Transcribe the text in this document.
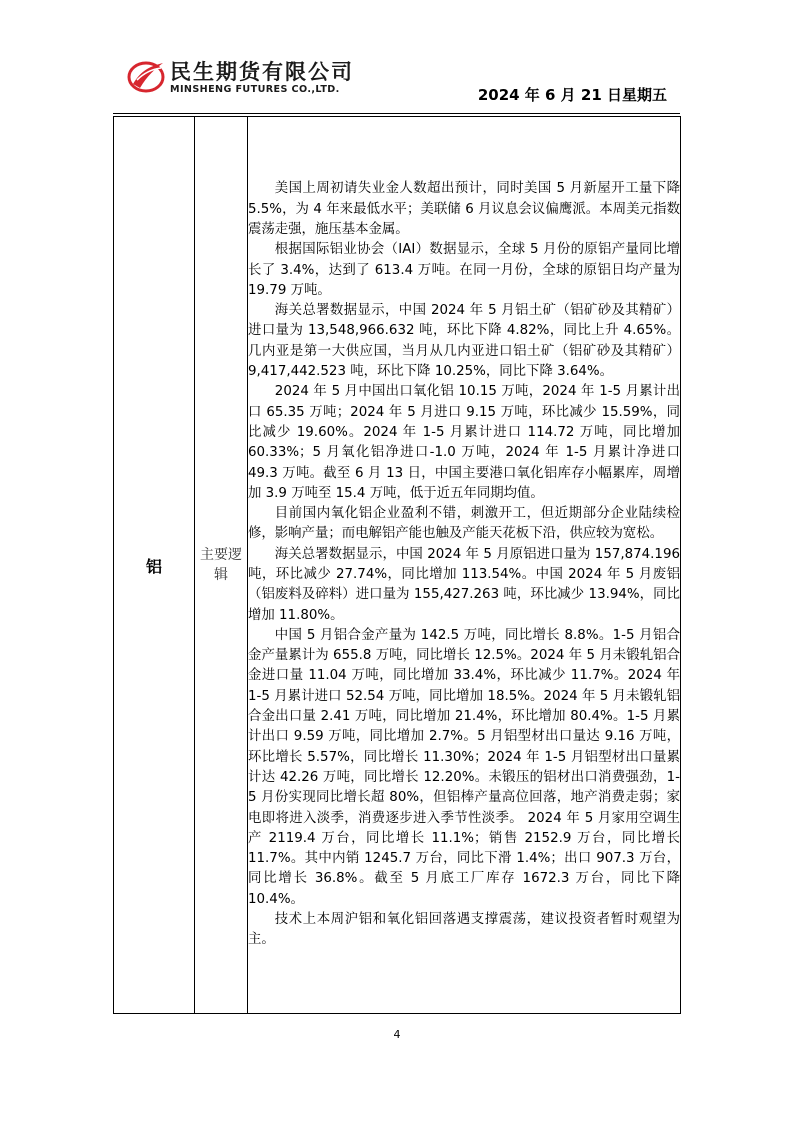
民生期货有限公司
MINSHENG FUTURES CO.,LTD.	2024 年 6 月 21 日星期五
铝	主要逻辑	

美国上周初请失业金人数超出预计，同时美国 5 月新屋开工量下降 5.5%，为 4 年来最低水平；美联储 6 月议息会议偏鹰派。本周美元指数震荡走强，施压基本金属。

根据国际铝业协会（IAI）数据显示，全球 5 月份的原铝产量同比增长了 3.4%，达到了 613.4 万吨。在同一月份，全球的原铝日均产量为 19.79 万吨。

海关总署数据显示，中国 2024 年 5 月铝土矿（铝矿砂及其精矿）进口量为 13,548,966.632 吨，环比下降 4.82%，同比上升 4.65%。几内亚是第一大供应国，当月从几内亚进口铝土矿（铝矿砂及其精矿）9,417,442.523 吨，环比下降 10.25%，同比下降 3.64%。

2024 年 5 月中国出口氧化铝 10.15 万吨，2024 年 1-5 月累计出口 65.35 万吨；2024 年 5 月进口 9.15 万吨，环比减少 15.59%，同比减少 19.60%。2024 年 1-5 月累计进口 114.72 万吨，同比增加 60.33%；5 月氧化铝净进口-1.0 万吨，2024 年 1-5 月累计净进口 49.3 万吨。截至 6 月 13 日，中国主要港口氧化铝库存小幅累库，周增加 3.9 万吨至 15.4 万吨，低于近五年同期均值。

目前国内氧化铝企业盈利不错，刺激开工，但近期部分企业陆续检修，影响产量；而电解铝产能也触及产能天花板下沿，供应较为宽松。

海关总署数据显示，中国 2024 年 5 月原铝进口量为 157,874.196 吨，环比减少 27.74%，同比增加 113.54%。中国 2024 年 5 月废铝（铝废料及碎料）进口量为 155,427.263 吨，环比减少 13.94%，同比增加 11.80%。

中国 5 月铝合金产量为 142.5 万吨，同比增长 8.8%。1-5 月铝合金产量累计为 655.8 万吨，同比增长 12.5%。2024 年 5 月未锻轧铝合金进口量 11.04 万吨，同比增加 33.4%，环比减少 11.7%。2024 年 1-5 月累计进口 52.54 万吨，同比增加 18.5%。2024 年 5 月未锻轧铝合金出口量 2.41 万吨，同比增加 21.4%，环比增加 80.4%。1-5 月累计出口 9.59 万吨，同比增加 2.7%。5 月铝型材出口量达 9.16 万吨，环比增长 5.57%，同比增长 11.30%；2024 年 1-5 月铝型材出口量累计达 42.26 万吨，同比增长 12.20%。未锻压的铝材出口消费强劲，1-5 月份实现同比增长超 80%，但铝棒产量高位回落，地产消费走弱；家电即将进入淡季，消费逐步进入季节性淡季。 2024 年 5 月家用空调生产 2119.4 万台，同比增长 11.1%；销售 2152.9 万台，同比增长 11.7%。其中内销 1245.7 万台，同比下滑 1.4%；出口 907.3 万台，同比增长 36.8%。截至 5 月底工厂库存 1672.3 万台，同比下降 10.4%。

技术上本周沪铝和氧化铝回落遇支撑震荡，建议投资者暂时观望为主。

4
